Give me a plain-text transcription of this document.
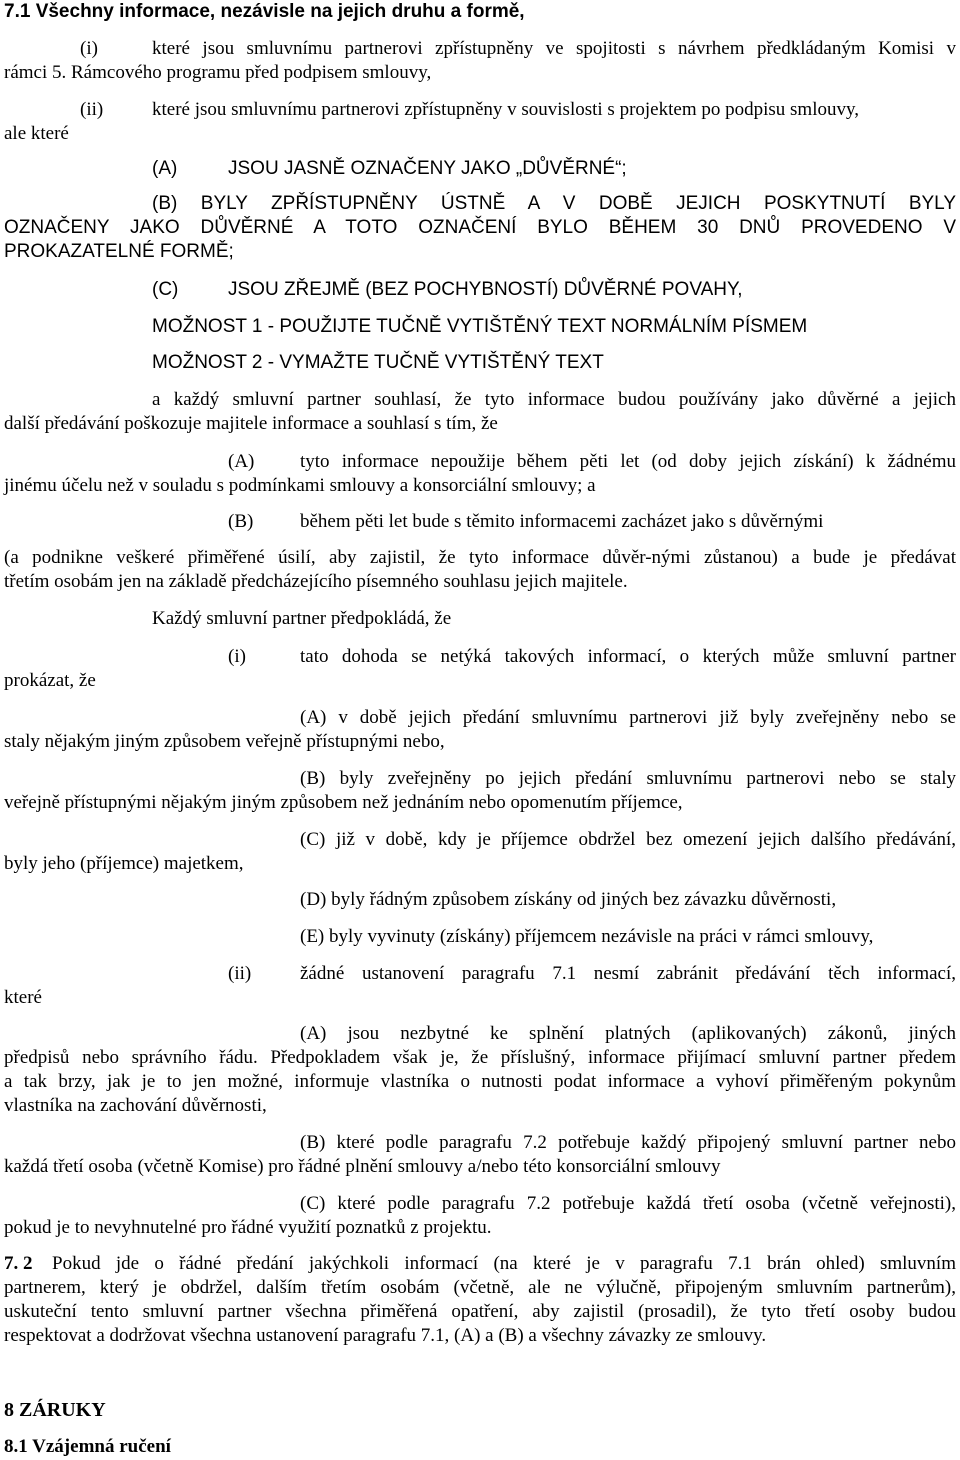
7.1 Všechny informace, nezávisle na jejich druhu a formě,
(i)	které jsou smluvnímu partnerovi zpřístupněny ve spojitosti s návrhem předkládaným Komisi v
rámci 5. Rámcového programu před podpisem smlouvy,
(ii)	které jsou smluvnímu partnerovi zpřístupněny v souvislosti s projektem po podpisu smlouvy,
ale které
(A)	JSOU JASNĚ OZNAČENY JAKO „DŮVĚRNÉ“;
(B) BYLY ZPŘÍSTUPNĚNY ÚSTNĚ A V DOBĚ JEJICH POSKYTNUTÍ BYLY
OZNAČENY JAKO DŮVĚRNÉ A TOTO OZNAČENÍ BYLO BĚHEM 30 DNŮ PROVEDENO V
PROKAZATELNÉ FORMĚ;
(C)	JSOU ZŘEJMĚ (BEZ POCHYBNOSTÍ) DŮVĚRNÉ POVAHY,
MOŽNOST 1 - POUŽIJTE TUČNĚ VYTIŠTĚNÝ TEXT NORMÁLNÍM PÍSMEM
MOŽNOST 2 - VYMAŽTE TUČNĚ VYTIŠTĚNÝ TEXT
a každý smluvní partner souhlasí, že tyto informace budou používány jako důvěrné a jejich
další předávání poškozuje majitele informace a souhlasí s tím, že
(A) tyto informace nepoužije během pěti let (od doby jejich získání) k žádnému
jinému účelu než v souladu s podmínkami smlouvy a konsorciální smlouvy; a
(B) během pěti let bude s těmito informacemi zacházet jako s důvěrnými
(a podnikne veškeré přiměřené úsilí, aby zajistil, že tyto informace důvěr-nými zůstanou) a bude je předávat
třetím osobám jen na základě předcházejícího písemného souhlasu jejich majitele.
Každý smluvní partner předpokládá, že
(i)	tato dohoda se netýká takových informací, o kterých může smluvní partner
prokázat, že
(A) v době jejich předání smluvnímu partnerovi již byly zveřejněny nebo se
staly nějakým jiným způsobem veřejně přístupnými nebo,
(B) byly zveřejněny po jejich předání smluvnímu partnerovi nebo se staly
veřejně přístupnými nějakým jiným způsobem než jednáním nebo opomenutím příjemce,
(C) již v době, kdy je příjemce obdržel bez omezení jejich dalšího předávání,
byly jeho (příjemce) majetkem,
(D) byly řádným způsobem získány od jiných bez závazku důvěrnosti,
(E) byly vyvinuty (získány) příjemcem nezávisle na práci v rámci smlouvy,
(ii)	žádné ustanovení paragrafu 7.1 nesmí zabránit předávání těch informací,
které
(A) jsou nezbytné ke splnění platných (aplikovaných) zákonů, jiných
předpisů nebo správního řádu. Předpokladem však je, že příslušný, informace přijímací smluvní partner předem
a tak brzy, jak je to jen možné, informuje vlastníka o nutnosti podat informace a vyhoví přiměřeným pokynům
vlastníka na zachování důvěrnosti,
(B) které podle paragrafu 7.2 potřebuje každý připojený smluvní partner nebo
každá třetí osoba (včetně Komise) pro řádné plnění smlouvy a/nebo této konsorciální smlouvy
(C) které podle paragrafu 7.2 potřebuje každá třetí osoba (včetně veřejnosti),
pokud je to nevyhnutelné pro řádné využití poznatků z projektu.
7. 2 Pokud jde o řádné předání jakýchkoli informací (na které je v paragrafu 7.1 brán ohled) smluvním
partnerem, který je obdržel, dalším třetím osobám (včetně, ale ne výlučně, připojeným smluvním partnerům),
uskuteční tento smluvní partner všechna přiměřená opatření, aby zajistil (prosadil), že tyto třetí osoby budou
respektovat a dodržovat všechna ustanovení paragrafu 7.1, (A) a (B) a všechny závazky ze smlouvy.
8 ZÁRUKY
8.1 Vzájemná ručení
